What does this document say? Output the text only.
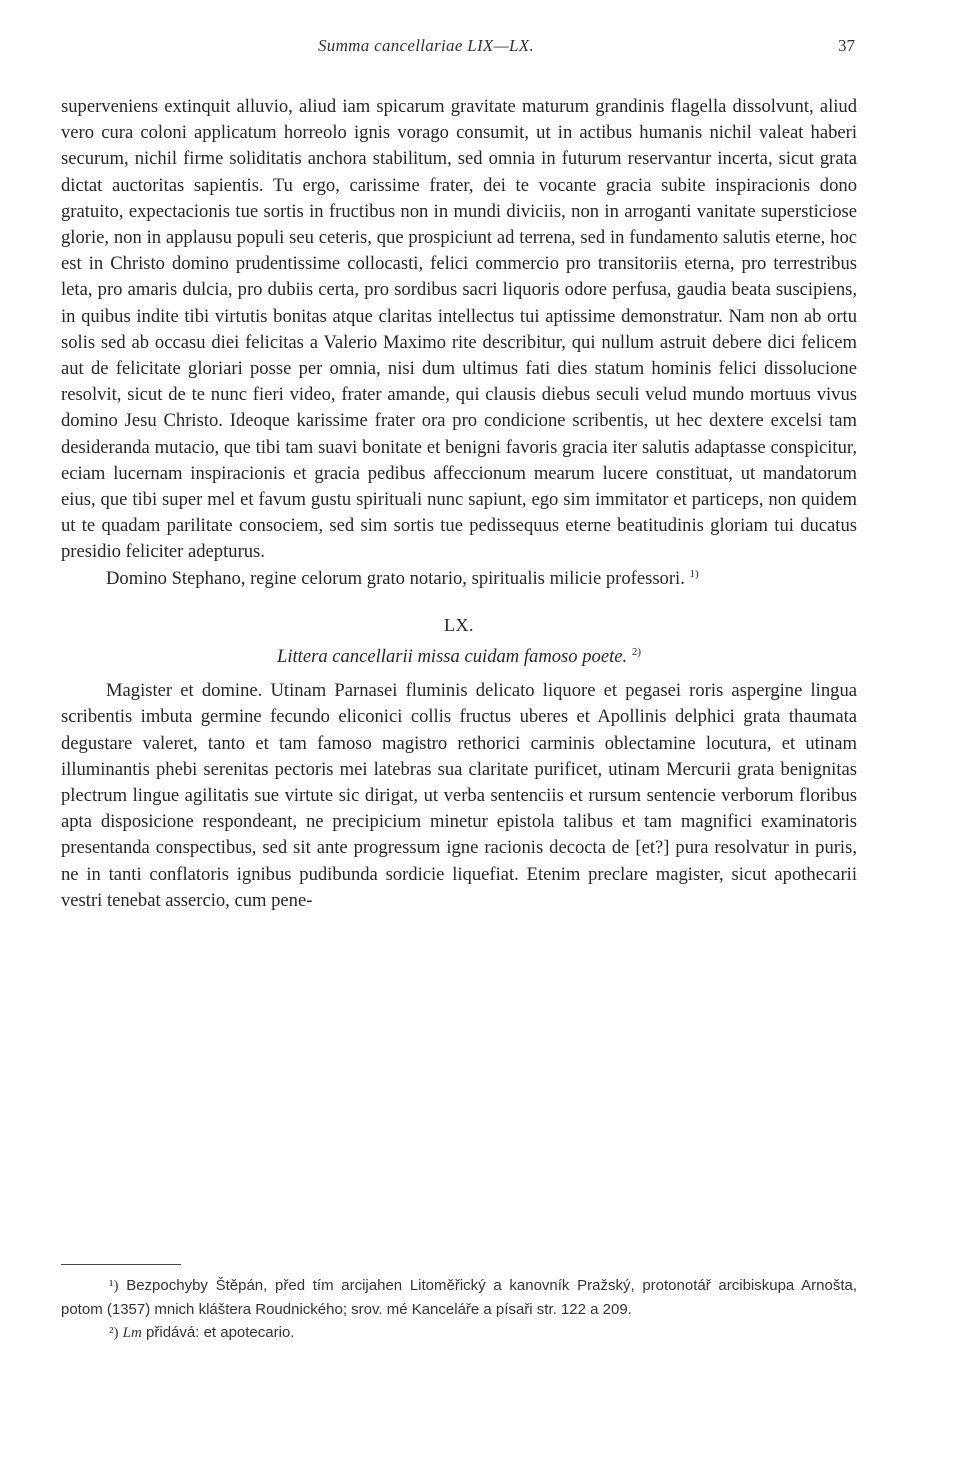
Summa cancellariae LIX—LX.	37

superveniens extinquit alluvio, aliud iam spicarum gravitate maturum grandinis flagella dissolvunt, aliud vero cura coloni applicatum horreolo ignis vorago consumit, ut in actibus humanis nichil valeat haberi securum, nichil firme soliditatis anchora stabilitum, sed omnia in futurum reservantur incerta, sicut grata dictat auctoritas sapientis. Tu ergo, carissime frater, dei te vocante gracia subite inspiracionis dono gratuito, expectacionis tue sortis in fructibus non in mundi diviciis, non in arroganti vanitate supersticiose glorie, non in applausu populi seu ceteris, que prospiciunt ad terrena, sed in fundamento salutis eterne, hoc est in Christo domino prudentissime collocasti, felici commercio pro transitoriis eterna, pro terrestribus leta, pro amaris dulcia, pro dubiis certa, pro sordibus sacri liquoris odore perfusa, gaudia beata suscipiens, in quibus indite tibi virtutis bonitas atque claritas intellectus tui aptissime demonstratur. Nam non ab ortu solis sed ab occasu diei felicitas a Valerio Maximo rite describitur, qui nullum astruit debere dici felicem aut de felicitate gloriari posse per omnia, nisi dum ultimus fati dies statum hominis felici dissolucione resolvit, sicut de te nunc fieri video, frater amande, qui clausis diebus seculi velud mundo mortuus vivus domino Jesu Christo. Ideoque karissime frater ora pro condicione scribentis, ut hec dextere excelsi tam desideranda mutacio, que tibi tam suavi bonitate et benigni favoris gracia iter salutis adaptasse conspicitur, eciam lucernam inspiracionis et gracia pedibus affeccionum mearum lucere constituat, ut mandatorum eius, que tibi super mel et favum gustu spirituali nunc sapiunt, ego sim immitator et particeps, non quidem ut te quadam parilitate consociem, sed sim sortis tue pedissequus eterne beatitudinis gloriam tui ducatus presidio feliciter adepturus.

Domino Stephano, regine celorum grato notario, spiritualis milicie professori. $^{1)}$

LX.

Littera cancellarii missa cuidam famoso poete. $^{2)}$

Magister et domine. Utinam Parnasei fluminis delicato liquore et pegasei roris aspergine lingua scribentis imbuta germine fecundo eliconici collis fructus uberes et Apollinis delphici grata thaumata degustare valeret, tanto et tam famoso magistro rethorici carminis oblectamine locutura, et utinam illuminantis phebi serenitas pectoris mei latebras sua claritate purificet, utinam Mercurii grata benignitas plectrum lingue agilitatis sue virtute sic dirigat, ut verba sentenciis et rursum sentencie verborum floribus apta disposicione respondeant, ne precipicium minetur epistola talibus et tam magnifici examinatoris presentanda conspectibus, sed sit ante progressum igne racionis decocta de [et?] pura resolvatur in puris, ne in tanti conflatoris ignibus pudibunda sordicie liquefiat. Etenim preclare magister, sicut apothecarii vestri tenebat assercio, cum pene-

¹) Bezpochyby Štěpán, před tím arcijahen Litoměřický a kanovník Pražský, protonotář arcibiskupa Arnošta, potom (1357) mnich kláštera Roudnického; srov. mé Kanceláře a písaři str. 122 a 209.

²) Lm přidává: et apotecario.
